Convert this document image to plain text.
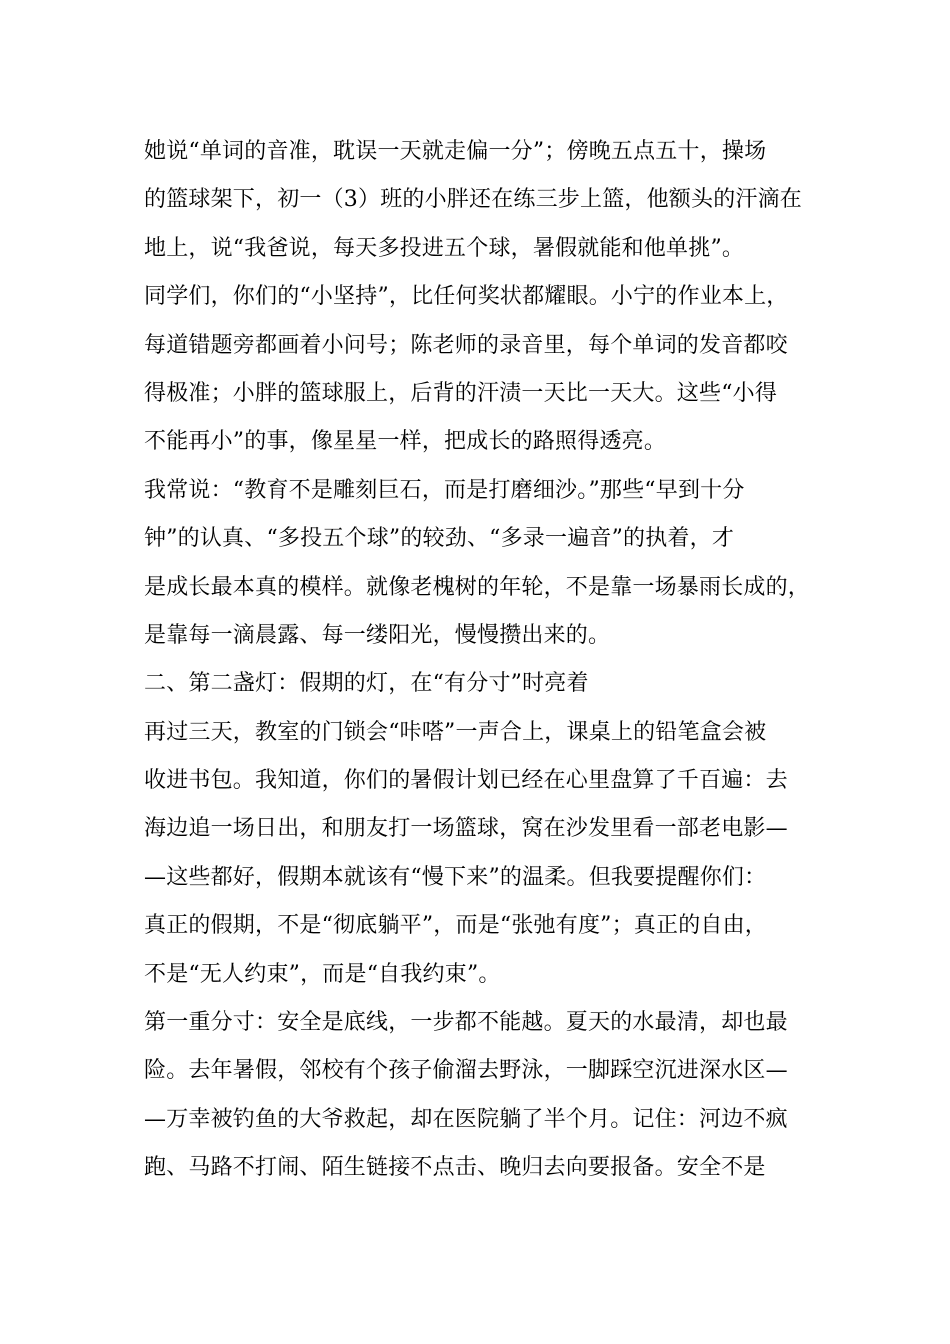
她说“单词的音准，耽误一天就走偏一分”；傍晚五点五十，操场
的篮球架下，初一（3）班的小胖还在练三步上篮，他额头的汗滴在
地上，说“我爸说，每天多投进五个球，暑假就能和他单挑”。
同学们，你们的“小坚持”，比任何奖状都耀眼。小宁的作业本上，
每道错题旁都画着小问号；陈老师的录音里，每个单词的发音都咬
得极准；小胖的篮球服上，后背的汗渍一天比一天大。这些“小得
不能再小”的事，像星星一样，把成长的路照得透亮。
我常说：“教育不是雕刻巨石，而是打磨细沙。”那些“早到十分
钟”的认真、“多投五个球”的较劲、“多录一遍音”的执着，才
是成长最本真的模样。就像老槐树的年轮，不是靠一场暴雨长成的，
是靠每一滴晨露、每一缕阳光，慢慢攒出来的。
二、第二盏灯：假期的灯，在“有分寸”时亮着
再过三天，教室的门锁会“咔嗒”一声合上，课桌上的铅笔盒会被
收进书包。我知道，你们的暑假计划已经在心里盘算了千百遍：去
海边追一场日出，和朋友打一场篮球，窝在沙发里看一部老电影—
—这些都好，假期本就该有“慢下来”的温柔。但我要提醒你们：
真正的假期，不是“彻底躺平”，而是“张弛有度”；真正的自由，
不是“无人约束”，而是“自我约束”。
第一重分寸：安全是底线，一步都不能越。夏天的水最清，却也最
险。去年暑假，邻校有个孩子偷溜去野泳，一脚踩空沉进深水区—
—万幸被钓鱼的大爷救起，却在医院躺了半个月。记住：河边不疯
跑、马路不打闹、陌生链接不点击、晚归去向要报备。安全不是
